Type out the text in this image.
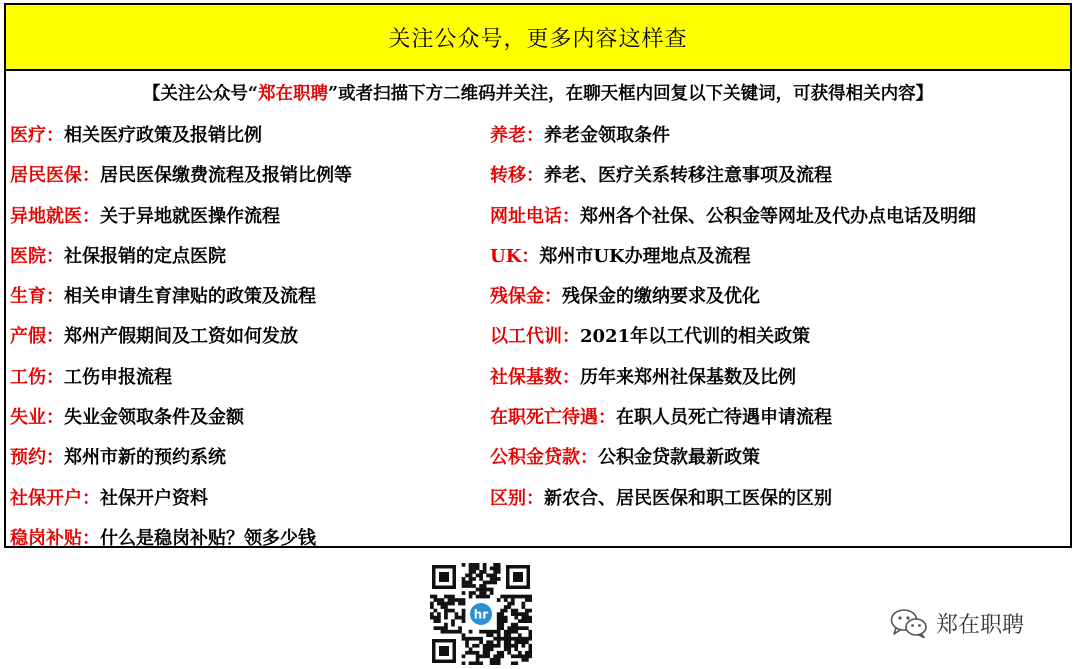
关注公众号，更多内容这样查
【关注公众号“ 郑在职聘 ”或者扫描下方二维码并关注，在聊天框内回复以下关键词，可获得相关内容】
医疗： 相关医疗政策及报销比例	养老： 养老金领取条件
居民医保： 居民医保缴费流程及报销比例等	转移： 养老、医疗关系转移注意事项及流程
异地就医： 关于异地就医操作流程	网址电话： 郑州各个社保、公积金等网址及代办点电话及明细
医院： 社保报销的定点医院	UK： 郑州市UK办理地点及流程
生育： 相关申请生育津贴的政策及流程	残保金： 残保金的缴纳要求及优化
产假： 郑州产假期间及工资如何发放	以工代训： 2021年以工代训的相关政策
工伤： 工伤申报流程	社保基数： 历年来郑州社保基数及比例
失业： 失业金领取条件及金额	在职死亡待遇： 在职人员死亡待遇申请流程
预约： 郑州市新的预约系统	公积金贷款： 公积金贷款最新政策
社保开户： 社保开户资料	区别： 新农合、居民医保和职工医保的区别
稳岗补贴： 什么是稳岗补贴？领多少钱
hr	郑在职聘
